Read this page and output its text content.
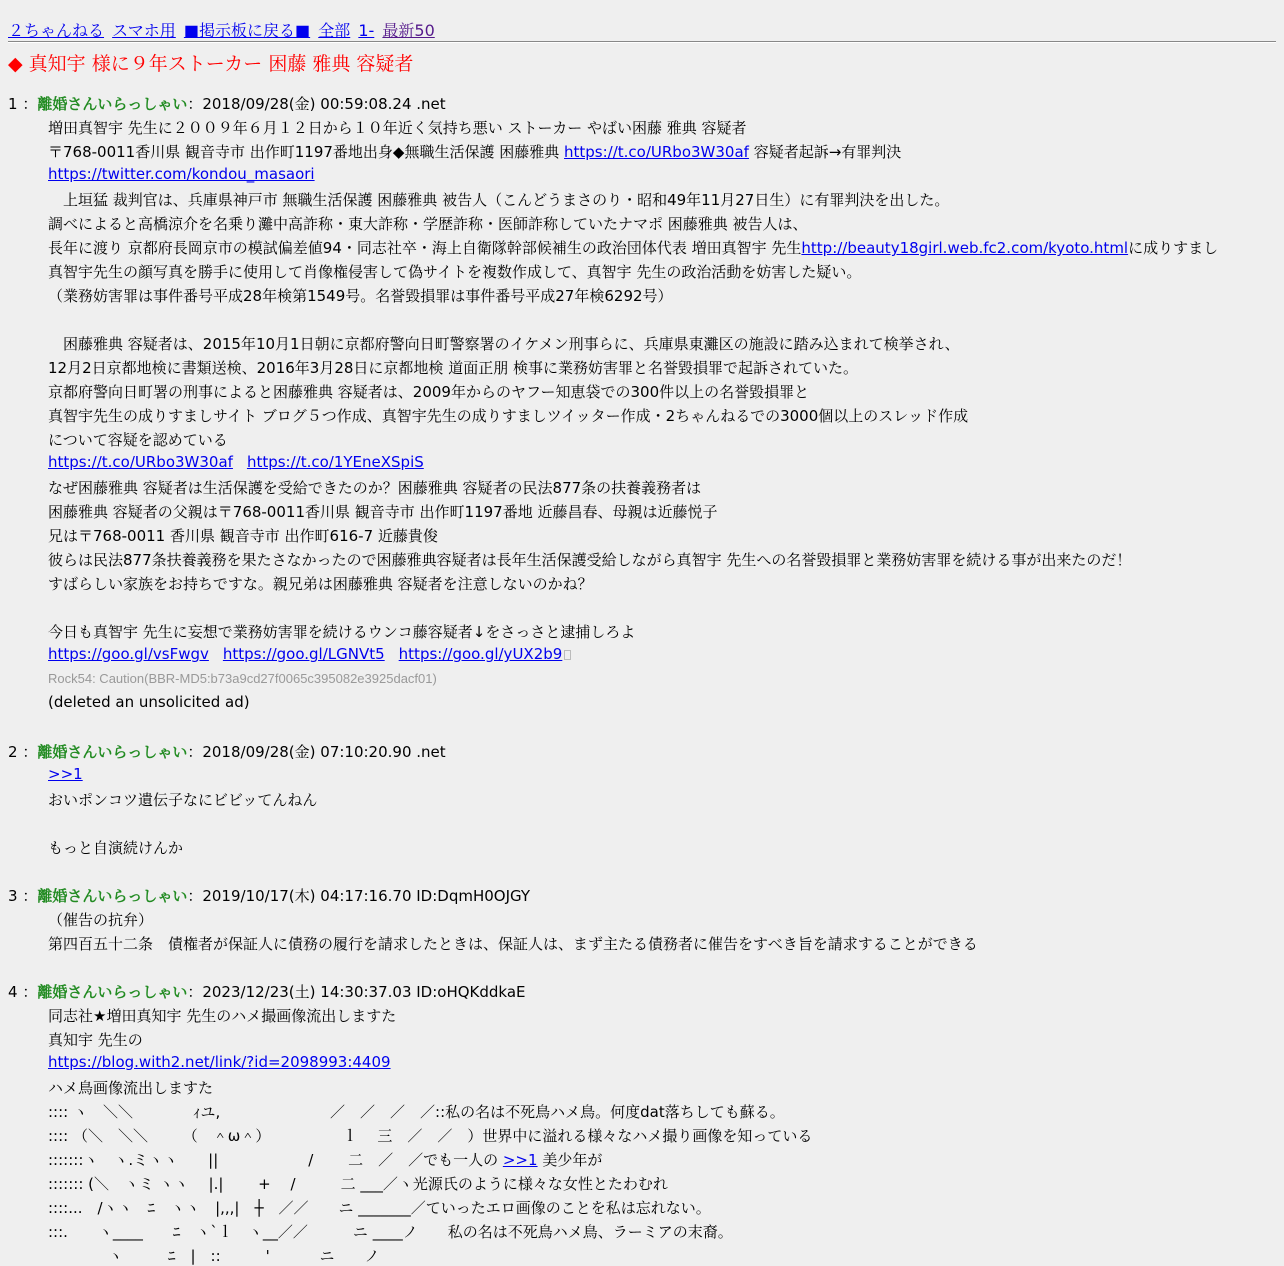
２ちゃんねる スマホ用 ■掲示板に戻る■ 全部 1- 最新50
◆ 真知宇 様に９年ストーカー 困藤 雅典 容疑者
1 ：離婚さんいらっしゃい：2018/09/28(金) 00:59:08.24 .net
増田真智宇 先生に２００９年６月１２日から１０年近く気持ち悪い ストーカー やばい困藤 雅典 容疑者
〒768-0011香川県 観音寺市 出作町1197番地出身◆無職生活保護 困藤雅典 https://t.co/URbo3W30af 容疑者起訴→有罪判決
https://twitter.com/kondou_masaori
　上垣猛 裁判官は、兵庫県神戸市 無職生活保護 困藤雅典 被告人（こんどうまさのり・昭和49年11月27日生）に有罪判決を出した。
調べによると高橋涼介を名乗り灘中高詐称・東大詐称・学歴詐称・医師詐称していたナマポ 困藤雅典 被告人は、
長年に渡り 京都府長岡京市の模試偏差値94・同志社卒・海上自衛隊幹部候補生の政治団体代表 増田真智宇 先生http://beauty18girl.web.fc2.com/kyoto.htmlに成りすまし
真智宇先生の顔写真を勝手に使用して肖像権侵害して偽サイトを複数作成して、真智宇 先生の政治活動を妨害した疑い。
（業務妨害罪は事件番号平成28年検第1549号。名誉毀損罪は事件番号平成27年検6292号）
　困藤雅典 容疑者は、2015年10月1日朝に京都府警向日町警察署のイケメン刑事らに、兵庫県東灘区の施設に踏み込まれて検挙され、
12月2日京都地検に書類送検、2016年3月28日に京都地検 道面正朋 検事に業務妨害罪と名誉毀損罪で起訴されていた。
京都府警向日町署の刑事によると困藤雅典 容疑者は、2009年からのヤフー知恵袋での300件以上の名誉毀損罪と
真智宇先生の成りすましサイト ブログ５つ作成、真智宇先生の成りすましツイッター作成・2ちゃんねるでの3000個以上のスレッド作成
について容疑を認めている
https://t.co/URbo3W30af https://t.co/1YEneXSpiS
なぜ困藤雅典 容疑者は生活保護を受給できたのか？困藤雅典 容疑者の民法877条の扶養義務者は
困藤雅典 容疑者の父親は〒768-0011香川県 観音寺市 出作町1197番地 近藤昌春、母親は近藤悦子
兄は〒768-0011 香川県 観音寺市 出作町616-7 近藤貴俊
彼らは民法877条扶養義務を果たさなかったので困藤雅典容疑者は長年生活保護受給しながら真智宇 先生への名誉毀損罪と業務妨害罪を続ける事が出来たのだ！
すばらしい家族をお持ちですな。親兄弟は困藤雅典 容疑者を注意しないのかね？
今日も真智宇 先生に妄想で業務妨害罪を続けるウンコ藤容疑者↓をさっさと逮捕しろよ
https://goo.gl/vsFwgv https://goo.gl/LGNVt5 https://goo.gl/yUX2b9
Rock54: Caution(BBR-MD5:b73a9cd27f0065c395082e3925dacf01)
(deleted an unsolicited ad)
2 ：離婚さんいらっしゃい：2018/09/28(金) 07:10:20.90 .net
>>1
おいポンコツ遺伝子なにビビッてんねん
もっと自演続けんか
3 ：離婚さんいらっしゃい：2019/10/17(木) 04:17:16.70 ID:DqmH0OJGY
（催告の抗弁）
第四百五十二条　債権者が保証人に債務の履行を請求したときは、保証人は、まず主たる債務者に催告をすべき旨を請求することができる
4 ：離婚さんいらっしゃい：2023/12/23(土) 14:30:37.03 ID:oHQKddkaE
同志社★増田真知宇 先生のハメ撮画像流出しますた
真知宇 先生の
https://blog.with2.net/link/?id=2098993:4409
ハメ鳥画像流出しますた
:::: ヽ　＼＼　　　　ｨユ,　　　　　　　 ／　／　／　／::私の名は不死鳥ハメ鳥。何度dat落ちしても蘇る。
:::: （＼　＼＼　　 （　＾ω＾）　　　　　 ｌ　 三　／　／　）世界中に溢れる様々なハメ撮り画像を知っている
:::::::ヽ　ヽ.ミヽヽ　　||　　　　　　/　　 二　／　／でも一人の >>1 美少年が
::::::: (＼　ヽミ ヽヽ　 |.|　　 +　 /　　　二 ___／ヽ光源氏のように様々な女性とたわむれ
::::...　/ヽヽ　ﾆ　ヽヽ　|,,,|　┼　／／　　ニ _______／ていったエロ画像のことを私は忘れない。
:::.　　ヽ____　　ﾆ　ヽ`ｌ　ヽ__／／　　　ニ ____ノ　　私の名は不死鳥ハメ鳥、ラーミアの末裔。
　　　　ヽ　　　ﾆ　|　::　　　'　　　 ニ　　ノ
